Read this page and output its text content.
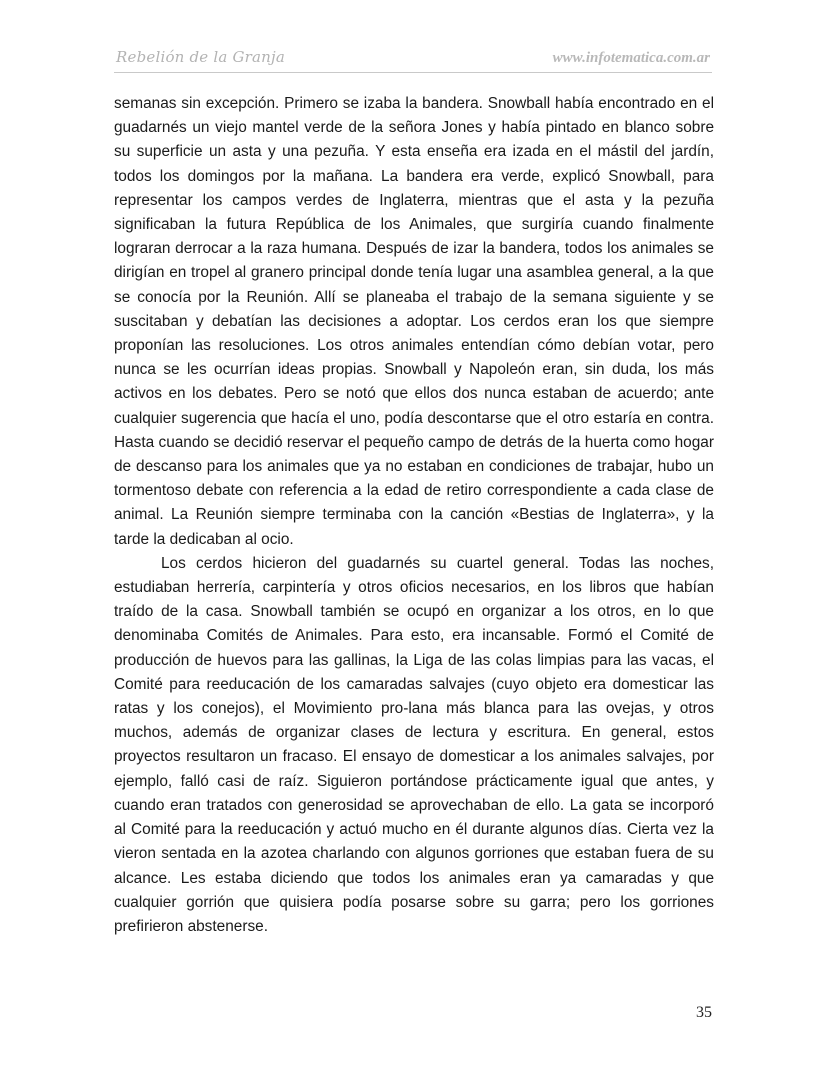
Rebelión de la Granja	www.infotematica.com.ar

semanas sin excepción. Primero se izaba la bandera. Snowball había encontrado en el guadarnés un viejo mantel verde de la señora Jones y había pintado en blanco sobre su superficie un asta y una pezuña. Y esta enseña era izada en el mástil del jardín, todos los domingos por la mañana. La bandera era verde, explicó Snowball, para representar los campos verdes de Inglaterra, mientras que el asta y la pezuña significaban la futura República de los Animales, que surgiría cuando finalmente lograran derrocar a la raza humana. Después de izar la bandera, todos los animales se dirigían en tropel al granero principal donde tenía lugar una asamblea general, a la que se conocía por la Reunión. Allí se planeaba el trabajo de la semana siguiente y se suscitaban y debatían las decisiones a adoptar. Los cerdos eran los que siempre proponían las resoluciones. Los otros animales entendían cómo debían votar, pero nunca se les ocurrían ideas propias. Snowball y Napoleón eran, sin duda, los más activos en los debates. Pero se notó que ellos dos nunca estaban de acuerdo; ante cualquier sugerencia que hacía el uno, podía descontarse que el otro estaría en contra. Hasta cuando se decidió reservar el pequeño campo de detrás de la huerta como hogar de descanso para los animales que ya no estaban en condiciones de trabajar, hubo un tormentoso debate con referencia a la edad de retiro correspondiente a cada clase de animal. La Reunión siempre terminaba con la canción «Bestias de Inglaterra», y la tarde la dedicaban al ocio.

Los cerdos hicieron del guadarnés su cuartel general. Todas las noches, estudiaban herrería, carpintería y otros oficios necesarios, en los libros que habían traído de la casa. Snowball también se ocupó en organizar a los otros, en lo que denominaba Comités de Animales. Para esto, era incansable. Formó el Comité de producción de huevos para las gallinas, la Liga de las colas limpias para las vacas, el Comité para reeducación de los camaradas salvajes (cuyo objeto era domesticar las ratas y los conejos), el Movimiento pro-lana más blanca para las ovejas, y otros muchos, además de organizar clases de lectura y escritura. En general, estos proyectos resultaron un fracaso. El ensayo de domesticar a los animales salvajes, por ejemplo, falló casi de raíz. Siguieron portándose prácticamente igual que antes, y cuando eran tratados con generosidad se aprovechaban de ello. La gata se incorporó al Comité para la reeducación y actuó mucho en él durante algunos días. Cierta vez la vieron sentada en la azotea charlando con algunos gorriones que estaban fuera de su alcance. Les estaba diciendo que todos los animales eran ya camaradas y que cualquier gorrión que quisiera podía posarse sobre su garra; pero los gorriones prefirieron abstenerse.

35
